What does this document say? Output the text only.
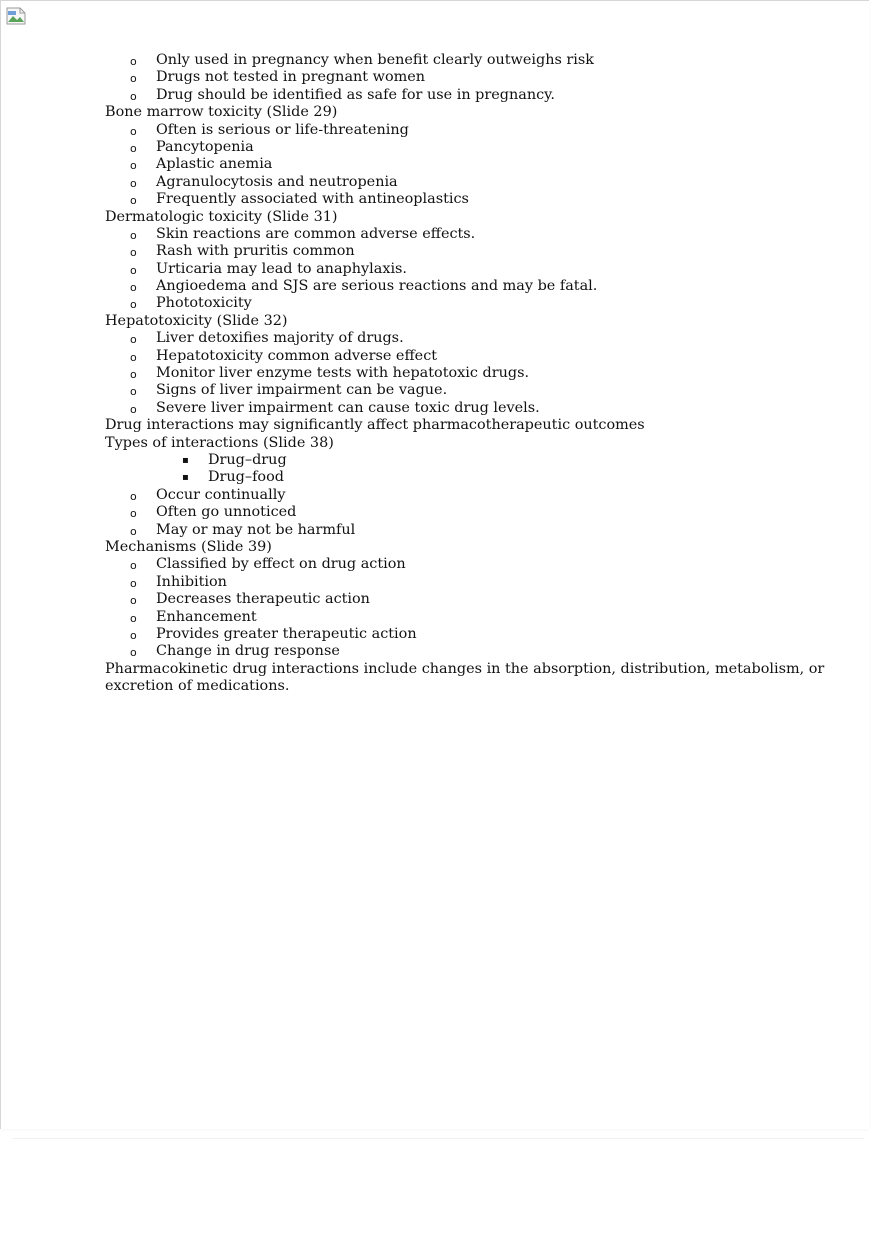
o Only used in pregnancy when benefit clearly outweighs risk
o Drugs not tested in pregnant women
o Drug should be identified as safe for use in pregnancy.
Bone marrow toxicity (Slide 29)
o Often is serious or life-threatening
o Pancytopenia
o Aplastic anemia
o Agranulocytosis and neutropenia
o Frequently associated with antineoplastics
Dermatologic toxicity (Slide 31)
o Skin reactions are common adverse effects.
o Rash with pruritis common
o Urticaria may lead to anaphylaxis.
o Angioedema and SJS are serious reactions and may be fatal.
o Phototoxicity
Hepatotoxicity (Slide 32)
o Liver detoxifies majority of drugs.
o Hepatotoxicity common adverse effect
o Monitor liver enzyme tests with hepatotoxic drugs.
o Signs of liver impairment can be vague.
o Severe liver impairment can cause toxic drug levels.
Drug interactions may significantly affect pharmacotherapeutic outcomes
Types of interactions (Slide 38)
▪ Drug–drug
▪ Drug–food
o Occur continually
o Often go unnoticed
o May or may not be harmful
Mechanisms (Slide 39)
o Classified by effect on drug action
o Inhibition
o Decreases therapeutic action
o Enhancement
o Provides greater therapeutic action
o Change in drug response
Pharmacokinetic drug interactions include changes in the absorption, distribution, metabolism, or excretion of medications.
